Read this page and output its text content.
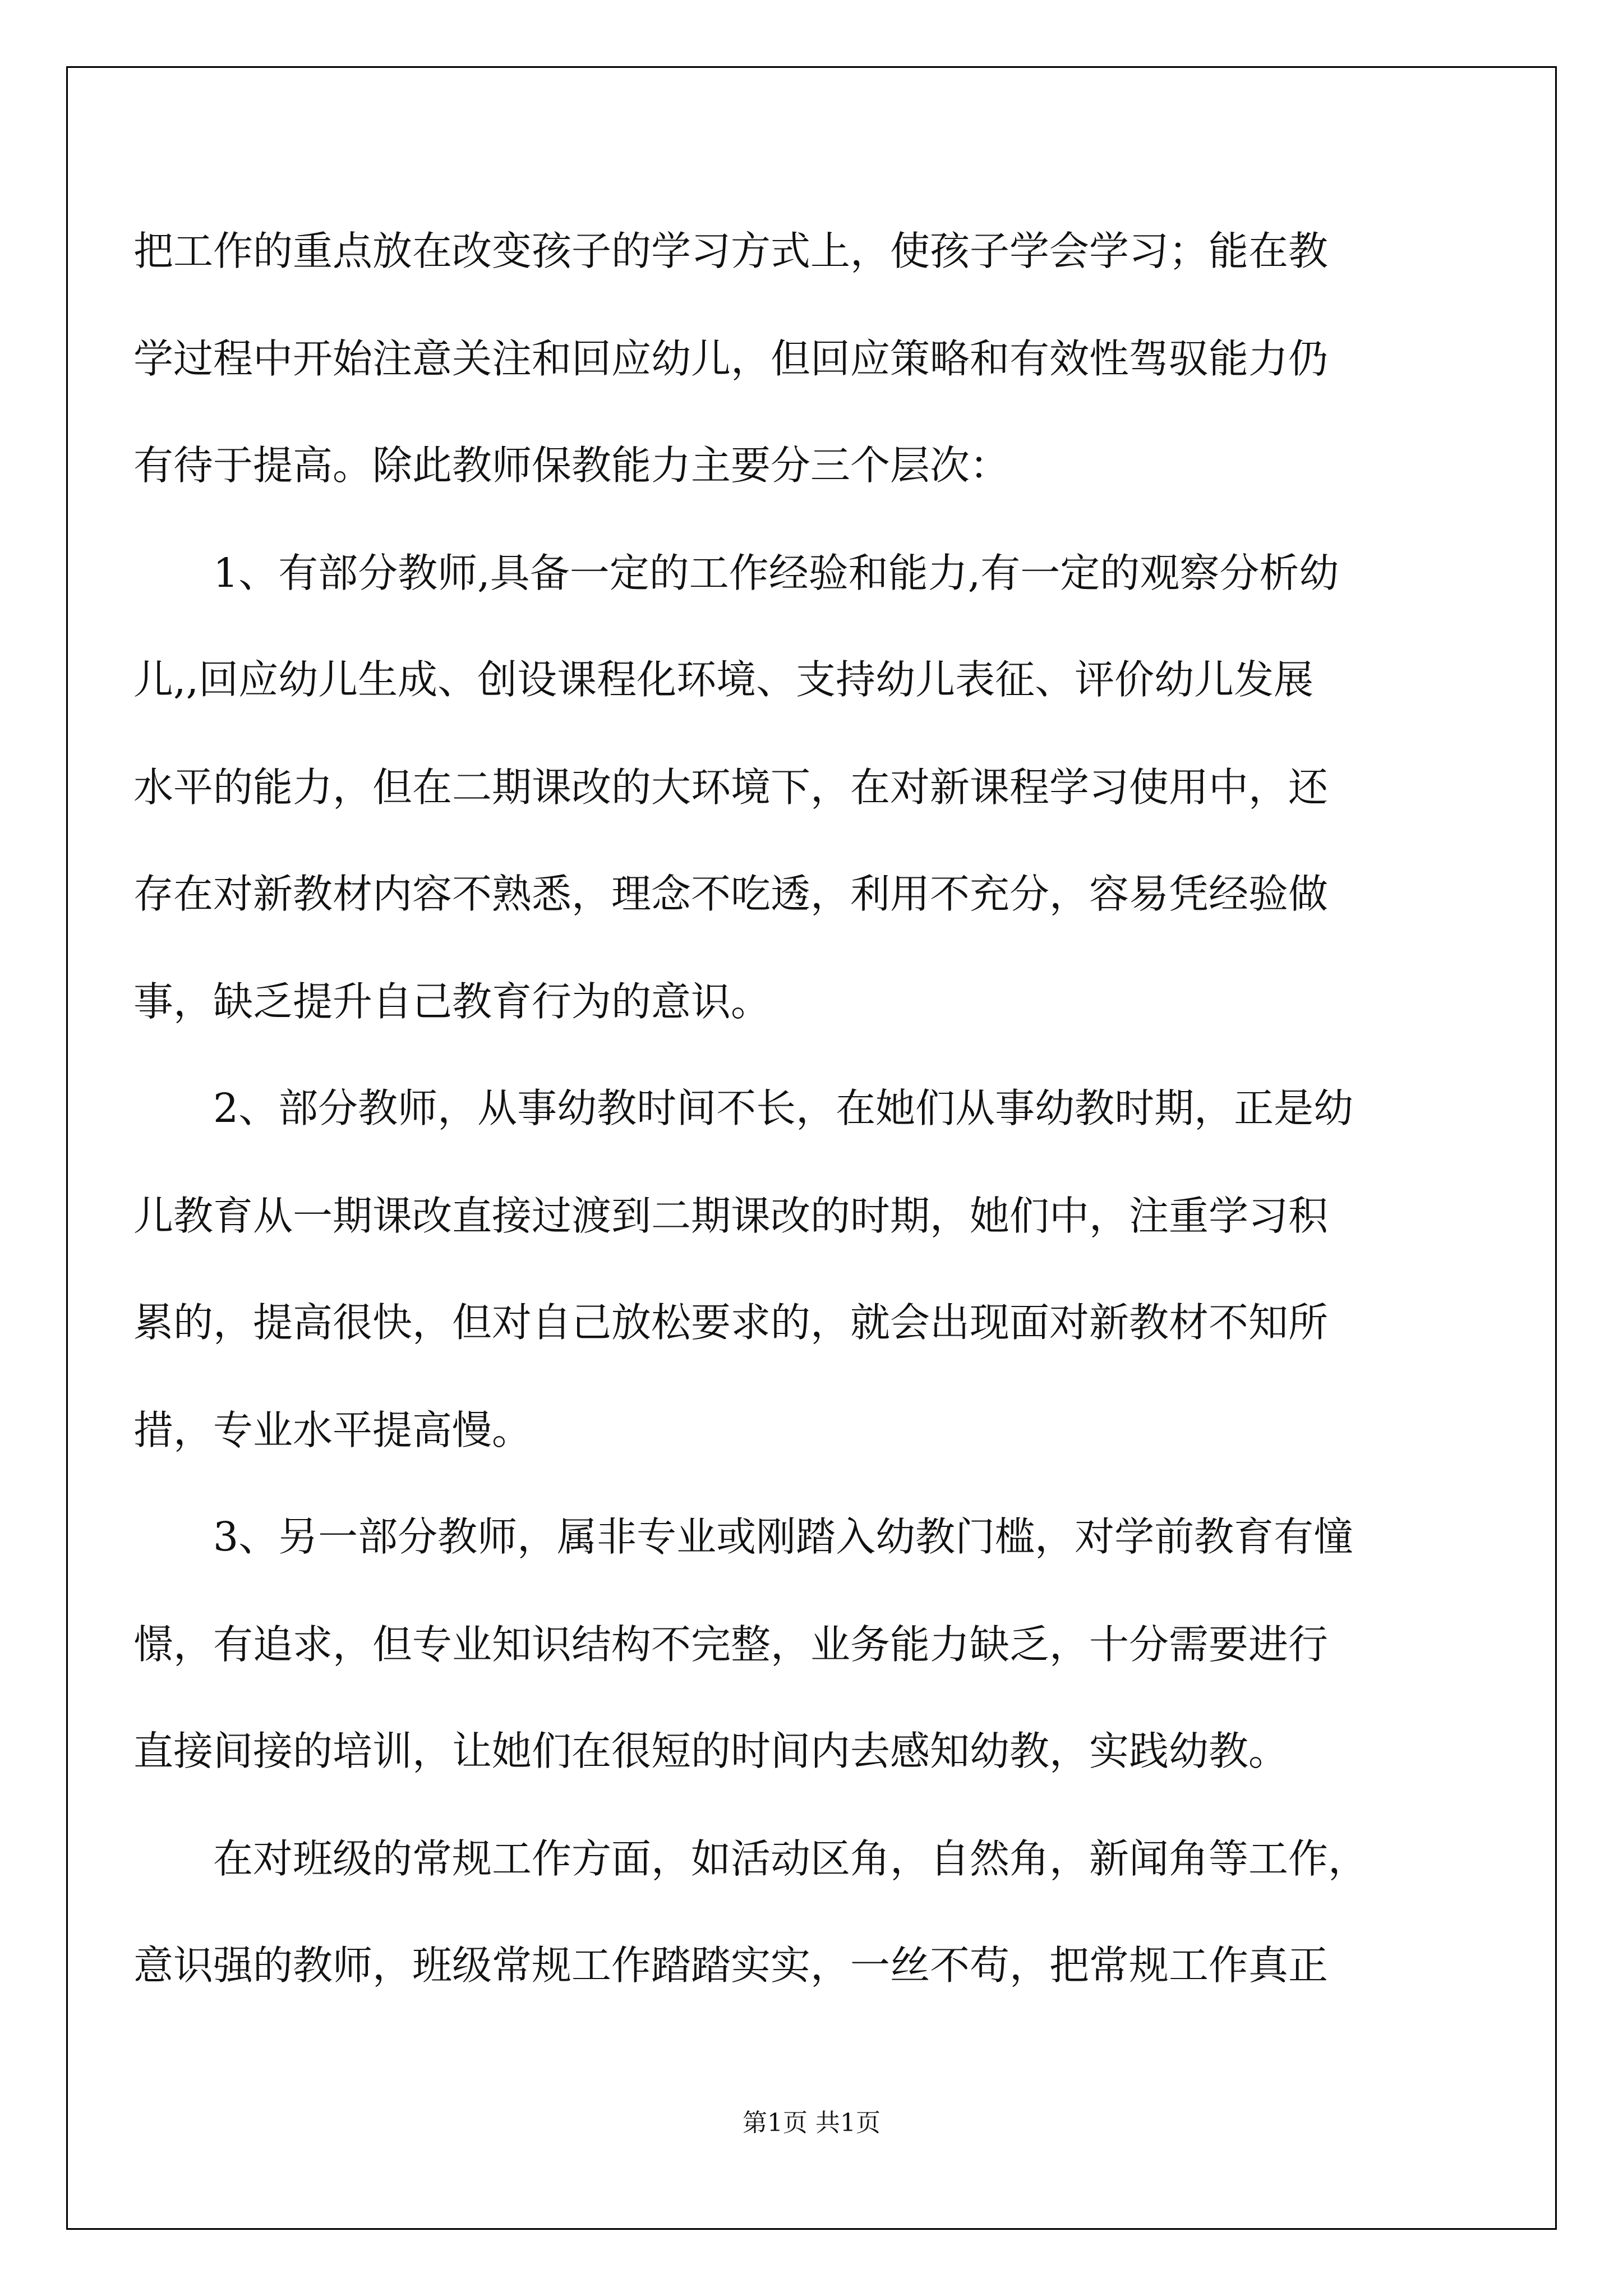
把工作的重点放在改变孩子的学习方式上，使孩子学会学习；能在教
学过程中开始注意关注和回应幼儿，但回应策略和有效性驾驭能力仍
有待于提高。除此教师保教能力主要分三个层次：
1、有部分教师,具备一定的工作经验和能力,有一定的观察分析幼
儿,,回应幼儿生成、创设课程化环境、支持幼儿表征、评价幼儿发展
水平的能力，但在二期课改的大环境下，在对新课程学习使用中，还
存在对新教材内容不熟悉，理念不吃透，利用不充分，容易凭经验做
事，缺乏提升自己教育行为的意识。
2、部分教师，从事幼教时间不长，在她们从事幼教时期，正是幼
儿教育从一期课改直接过渡到二期课改的时期，她们中，注重学习积
累的，提高很快，但对自己放松要求的，就会出现面对新教材不知所
措，专业水平提高慢。
3、另一部分教师，属非专业或刚踏入幼教门槛，对学前教育有憧
憬，有追求，但专业知识结构不完整，业务能力缺乏，十分需要进行
直接间接的培训，让她们在很短的时间内去感知幼教，实践幼教。
在对班级的常规工作方面，如活动区角，自然角，新闻角等工作，
意识强的教师，班级常规工作踏踏实实，一丝不苟，把常规工作真正
第1页 共1页
